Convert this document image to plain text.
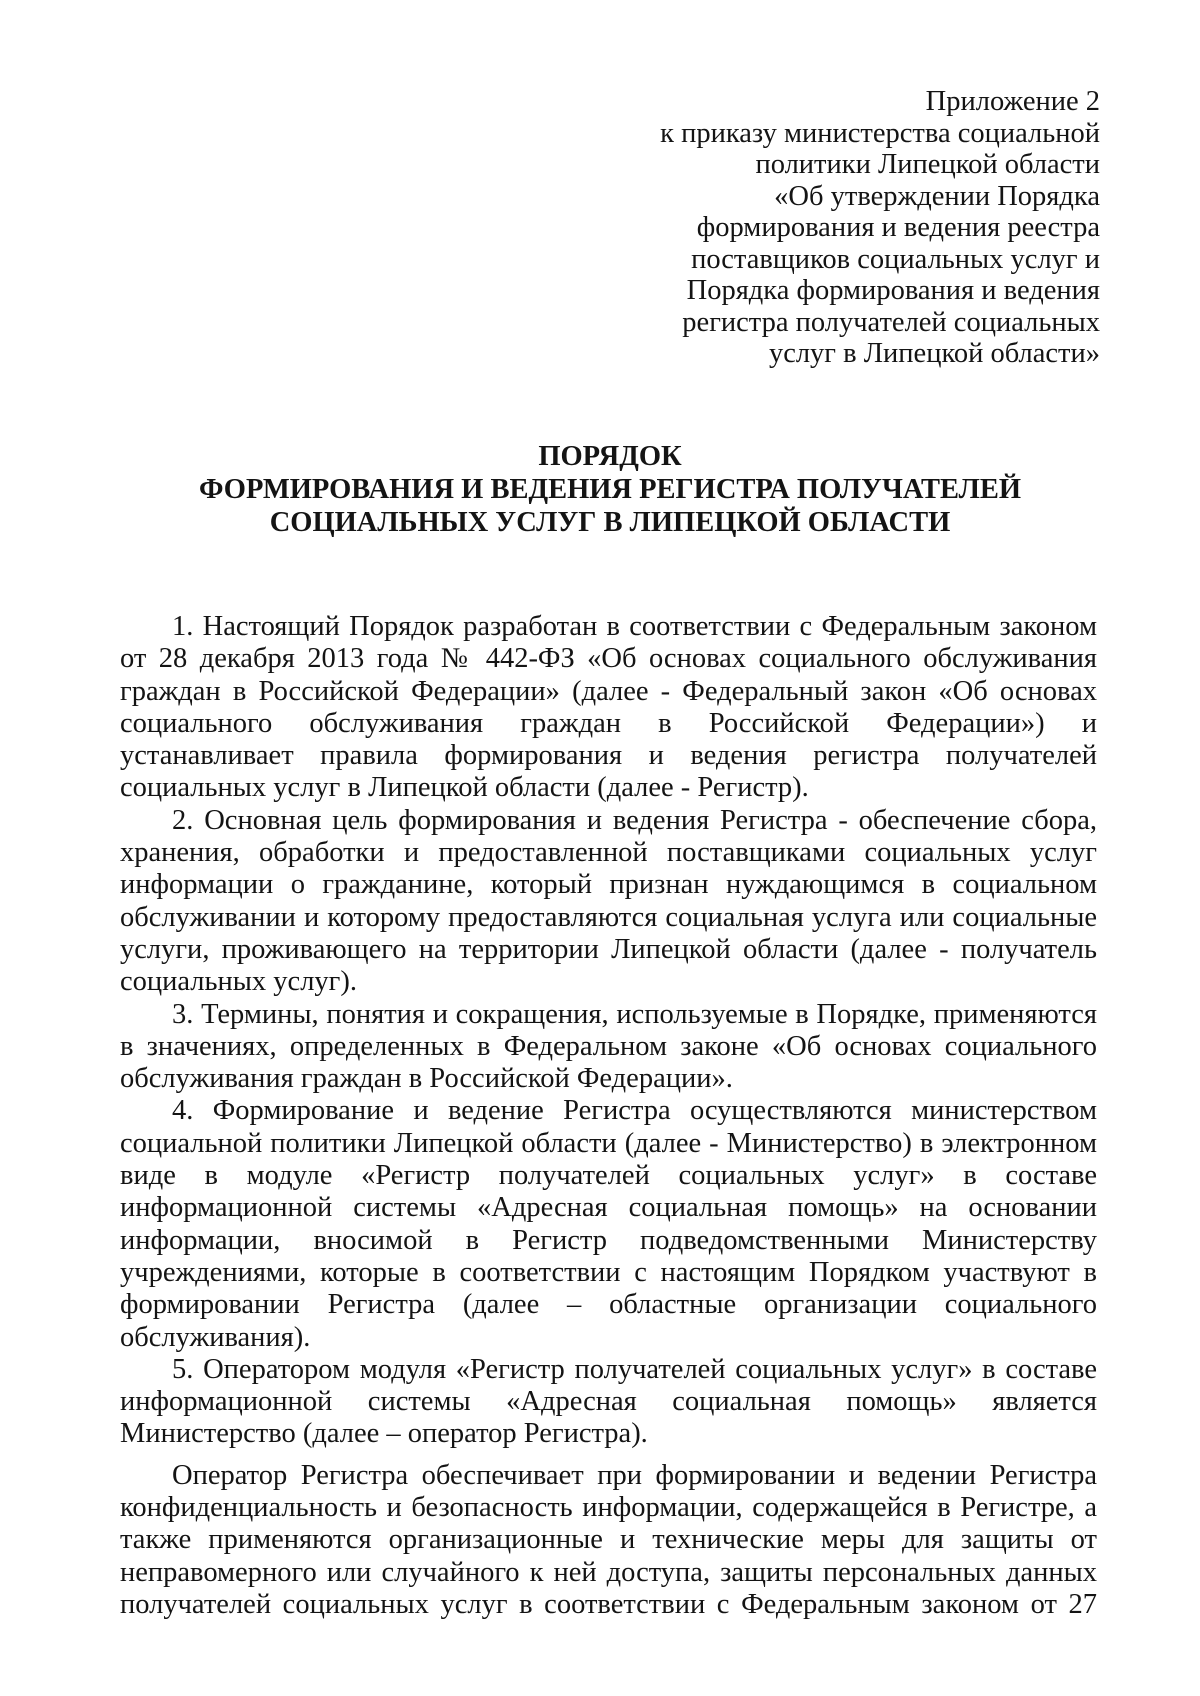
Приложение 2
к приказу министерства социальной
политики Липецкой области
«Об утверждении Порядка
формирования и ведения реестра
поставщиков социальных услуг и
Порядка формирования и ведения
регистра получателей социальных
услуг в Липецкой области»
ПОРЯДОК
ФОРМИРОВАНИЯ И ВЕДЕНИЯ РЕГИСТРА ПОЛУЧАТЕЛЕЙ
СОЦИАЛЬНЫХ УСЛУГ В ЛИПЕЦКОЙ ОБЛАСТИ

1. Настоящий Порядок разработан в соответствии с Федеральным законом от 28 декабря 2013 года № 442-ФЗ «Об основах социального обслуживания граждан в Российской Федерации» (далее - Федеральный закон «Об основах социального обслуживания граждан в Российской Федерации») и устанавливает правила формирования и ведения регистра получателей социальных услуг в Липецкой области (далее - Регистр).

2. Основная цель формирования и ведения Регистра - обеспечение сбора, хранения, обработки и предоставленной поставщиками социальных услуг информации о гражданине, который признан нуждающимся в социальном обслуживании и которому предоставляются социальная услуга или социальные услуги, проживающего на территории Липецкой области (далее - получатель социальных услуг).

3. Термины, понятия и сокращения, используемые в Порядке, применяются в значениях, определенных в Федеральном законе «Об основах социального обслуживания граждан в Российской Федерации».

4. Формирование и ведение Регистра осуществляются министерством социальной политики Липецкой области (далее - Министерство) в электронном виде в модуле «Регистр получателей социальных услуг» в составе информационной системы «Адресная социальная помощь» на основании информации, вносимой в Регистр подведомственными Министерству учреждениями, которые в соответствии с настоящим Порядком участвуют в формировании Регистра (далее – областные организации социального обслуживания).

5. Оператором модуля «Регистр получателей социальных услуг» в составе информационной системы «Адресная социальная помощь» является Министерство (далее – оператор Регистра).

Оператор Регистра обеспечивает при формировании и ведении Регистра конфиденциальность и безопасность информации, содержащейся в Регистре, а также применяются организационные и технические меры для защиты от неправомерного или случайного к ней доступа, защиты персональных данных получателей социальных услуг в соответствии с Федеральным законом от 27
